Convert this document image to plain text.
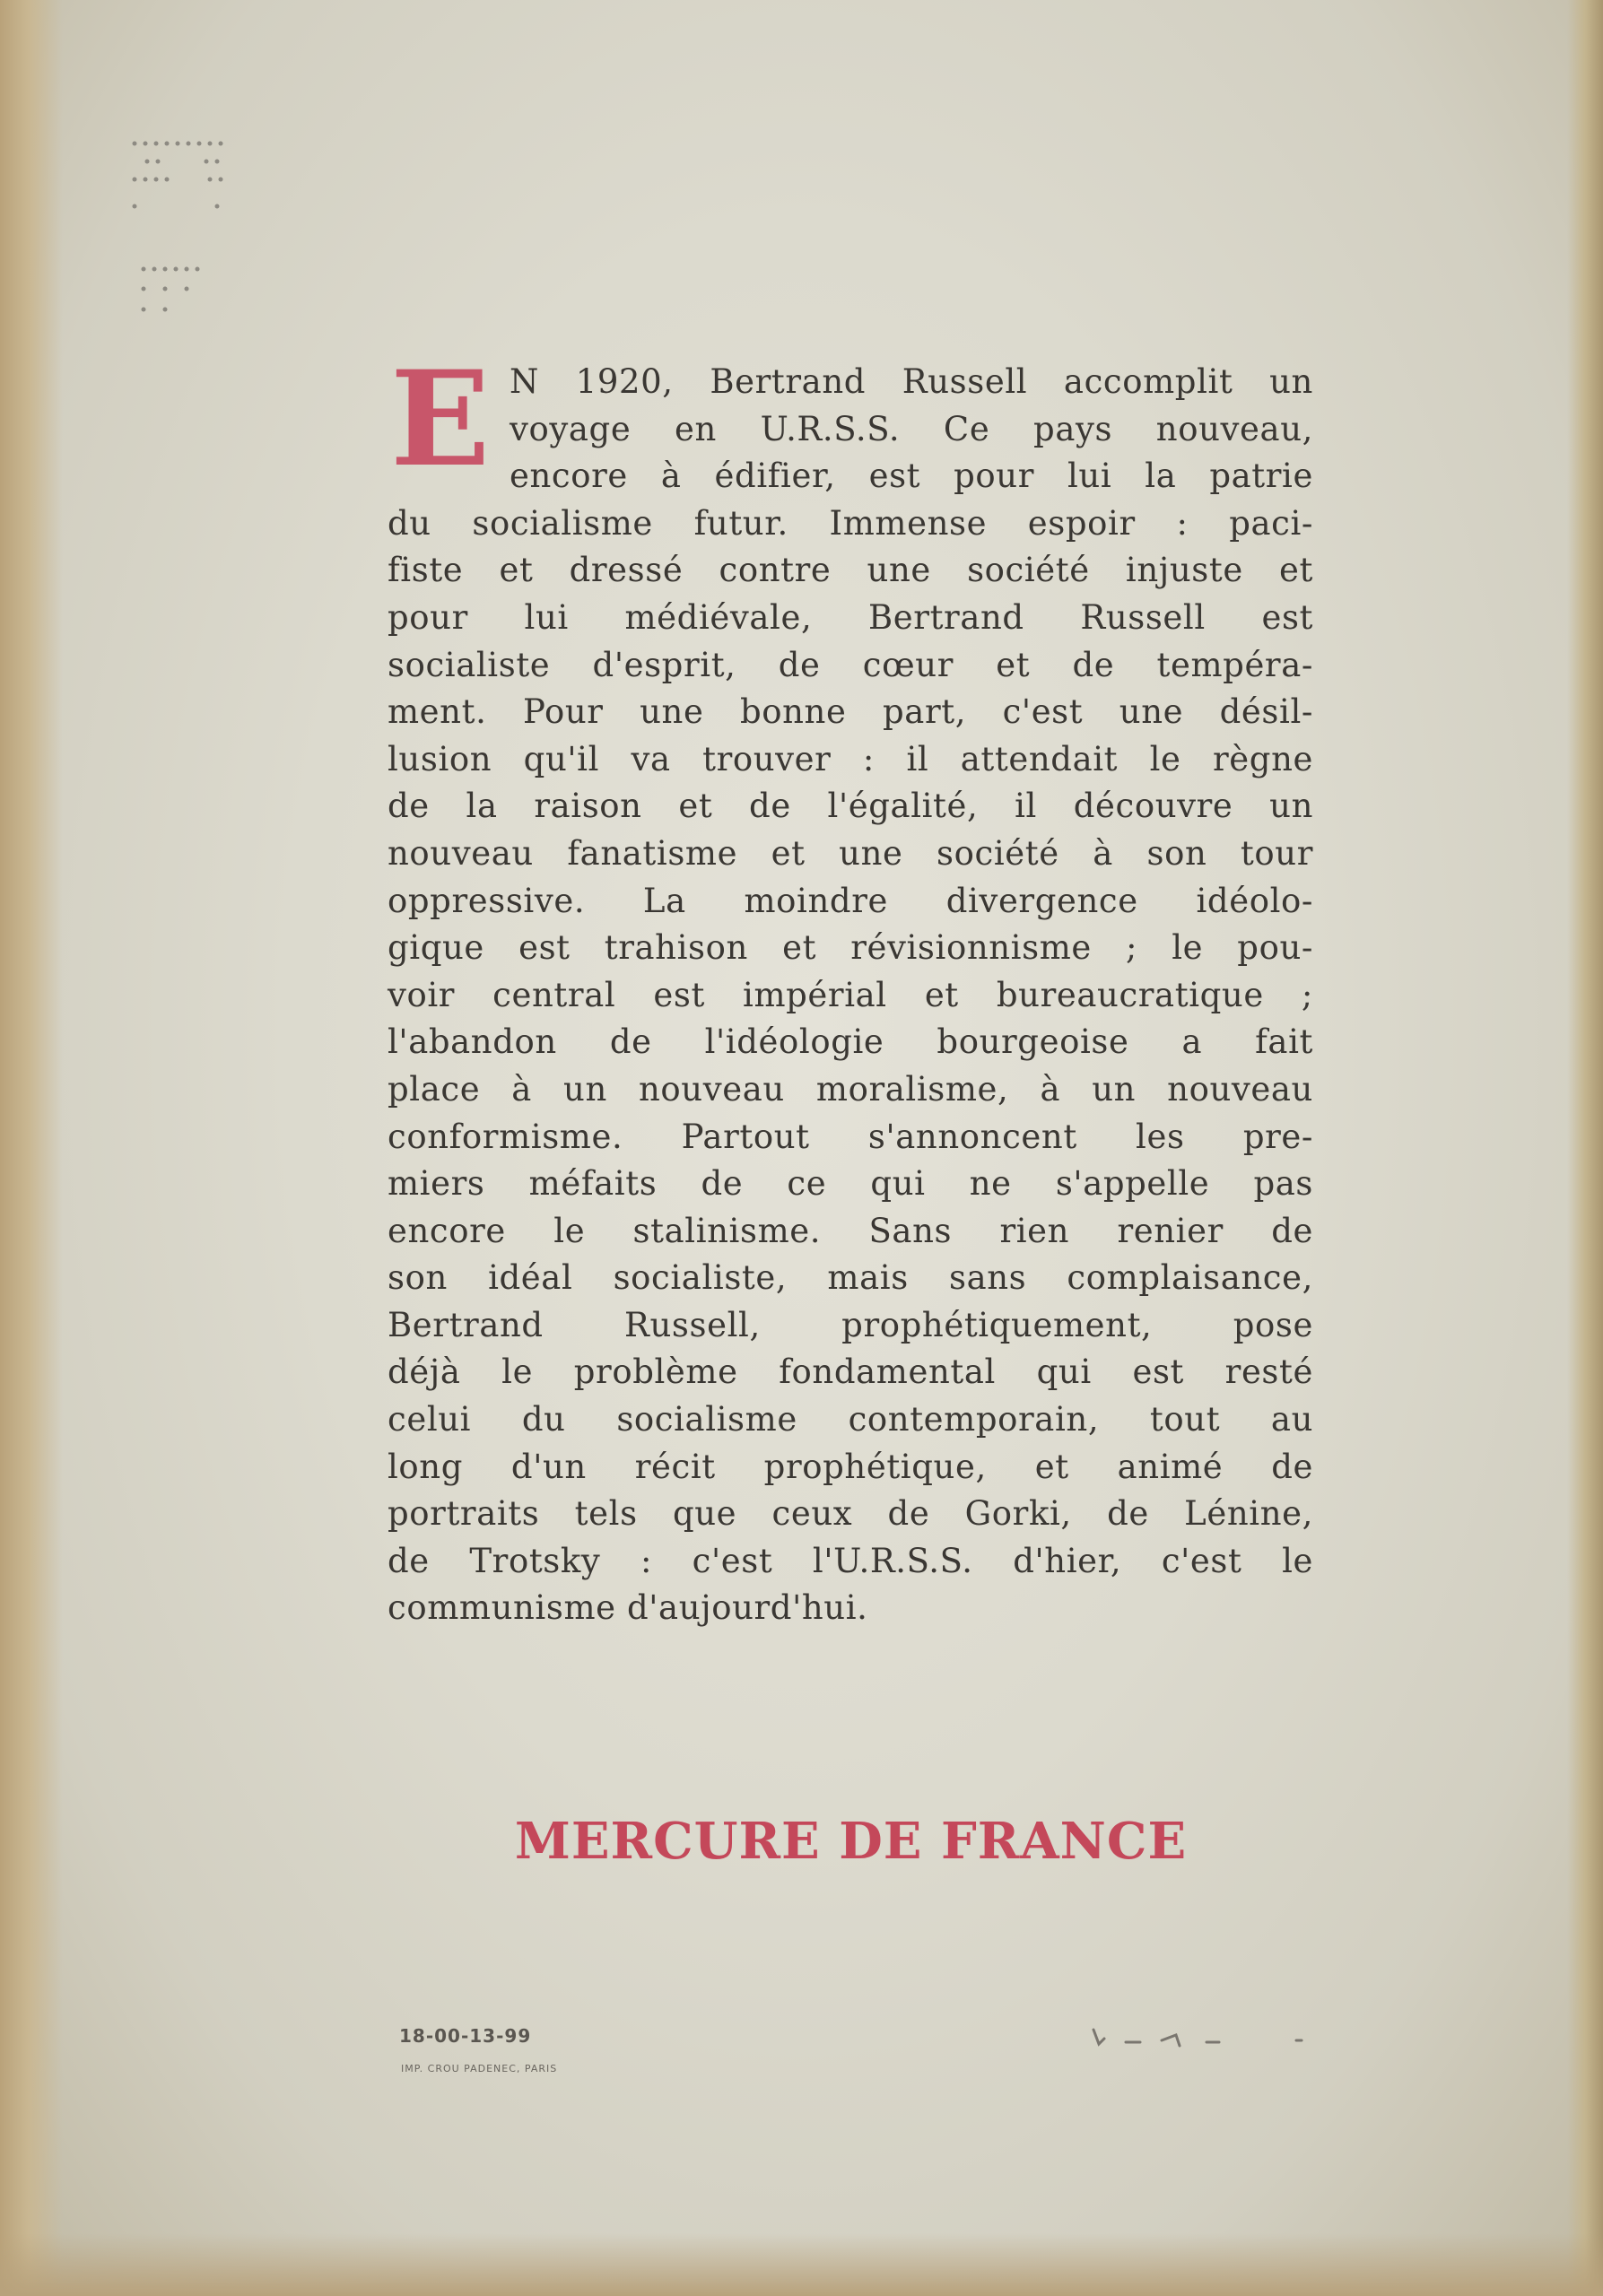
E N 1920, Bertrand Russell accomplit un
voyage en U.R.S.S. Ce pays nouveau,
encore à édifier, est pour lui la patrie
du socialisme futur. Immense espoir : paci-
fiste et dressé contre une société injuste et
pour lui médiévale, Bertrand Russell est
socialiste d'esprit, de cœur et de tempéra-
ment. Pour une bonne part, c'est une désil-
lusion qu'il va trouver : il attendait le règne
de la raison et de l'égalité, il découvre un
nouveau fanatisme et une société à son tour
oppressive. La moindre divergence idéolo-
gique est trahison et révisionnisme ; le pou-
voir central est impérial et bureaucratique ;
l'abandon de l'idéologie bourgeoise a fait
place à un nouveau moralisme, à un nouveau
conformisme. Partout s'annoncent les pre-
miers méfaits de ce qui ne s'appelle pas
encore le stalinisme. Sans rien renier de
son idéal socialiste, mais sans complaisance,
Bertrand Russell, prophétiquement, pose
déjà le problème fondamental qui est resté
celui du socialisme contemporain, tout au
long d'un récit prophétique, et animé de
portraits tels que ceux de Gorki, de Lénine,
de Trotsky : c'est l'U.R.S.S. d'hier, c'est le
communisme d'aujourd'hui.
MERCURE DE FRANCE
18-00-13-99
IMP. CROU PADENEC, PARIS
